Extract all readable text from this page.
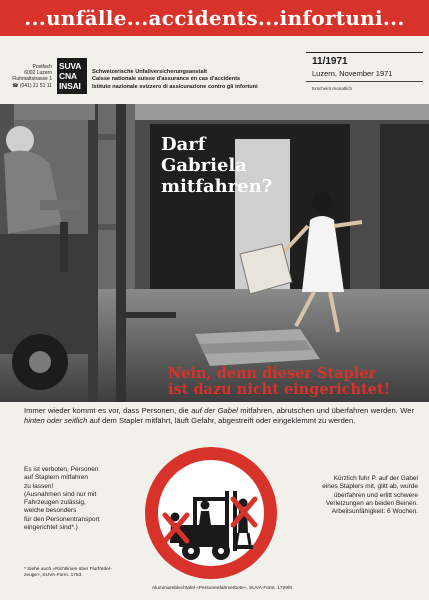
...unfälle...accidents...infortuni...
Postfach
6002 Luzern
Fluhmattstrasse 1
☎ (041) 21 51 11
SUVA
CNA
INSAI
Schweizerische Unfallversicherungsanstalt
Caisse nationale suisse d'assurance en cas d'accidents
Istituto nazionale svizzero di assicurazione contro gli infortuni
11/1971
Luzern, November 1971
Erscheint monatlich
Darf
Gabriela
mitfahren?
Nein, denn dieser Stapler
ist dazu nicht eingerichtet!

Immer wieder kommt es vor, dass Personen, die auf der Gabel mitfahren, abrutschen und überfahren werden. Wer hinten oder seitlich auf dem Stapler mitfährt, läuft Gefahr, abgestreift oder eingeklemmt zu werden.

Es ist verboten, Personen
auf Staplern mitfahren
zu lassen!
(Ausnahmen sind nur mit
Fahrzeugen zulässig,
welche besonders
für den Personentransport
eingerichtet sind*.)
Kürzlich fuhr P. auf der Gabel
eines Staplers mit, glitt ab, wurde
überfahren und erlitt schwere
Verletzungen an beiden Beinen.
Arbeitsunfähigkeit: 6 Wochen.
* Siehe auch «Richtlinien über Flurförder-
zeuge», SUVA-Form. 1753.
Aluminiumblechtafel «Personenfahrverbote», SUVA-Form. 1729/8
